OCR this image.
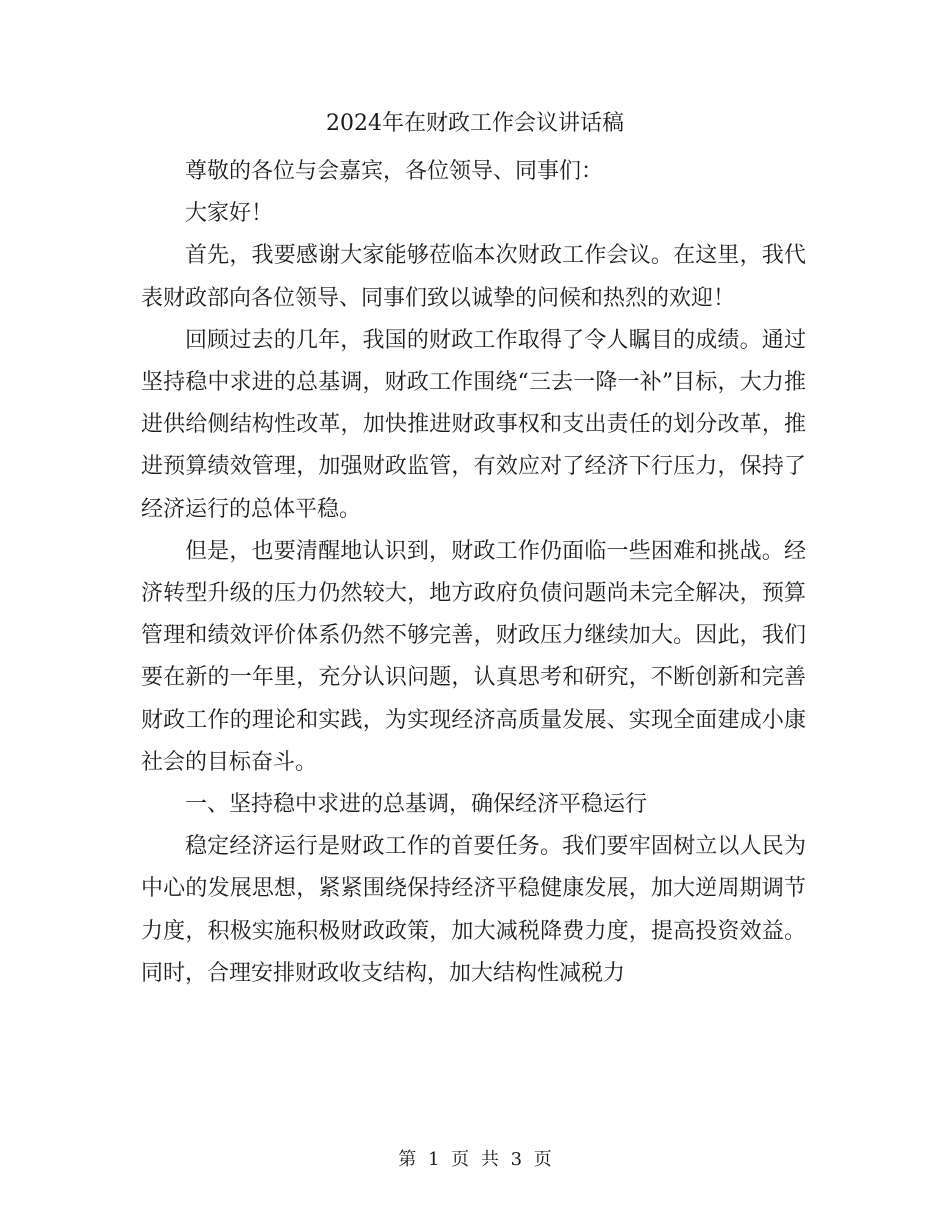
2024年在财政工作会议讲话稿

尊敬的各位与会嘉宾，各位领导、同事们：

大家好！

首先，我要感谢大家能够莅临本次财政工作会议。在这里，我代表财政部向各位领导、同事们致以诚挚的问候和热烈的欢迎！

回顾过去的几年，我国的财政工作取得了令人瞩目的成绩。通过坚持稳中求进的总基调，财政工作围绕“三去一降一补”目标，大力推进供给侧结构性改革，加快推进财政事权和支出责任的划分改革，推进预算绩效管理，加强财政监管，有效应对了经济下行压力，保持了经济运行的总体平稳。

但是，也要清醒地认识到，财政工作仍面临一些困难和挑战。经济转型升级的压力仍然较大，地方政府负债问题尚未完全解决，预算管理和绩效评价体系仍然不够完善，财政压力继续加大。因此，我们要在新的一年里，充分认识问题，认真思考和研究，不断创新和完善财政工作的理论和实践，为实现经济高质量发展、实现全面建成小康社会的目标奋斗。

一、坚持稳中求进的总基调，确保经济平稳运行

稳定经济运行是财政工作的首要任务。我们要牢固树立以人民为中心的发展思想，紧紧围绕保持经济平稳健康发展，加大逆周期调节力度，积极实施积极财政政策，加大减税降费力度，提高投资效益。同时，合理安排财政收支结构，加大结构性减税力

第 1 页 共 3 页
